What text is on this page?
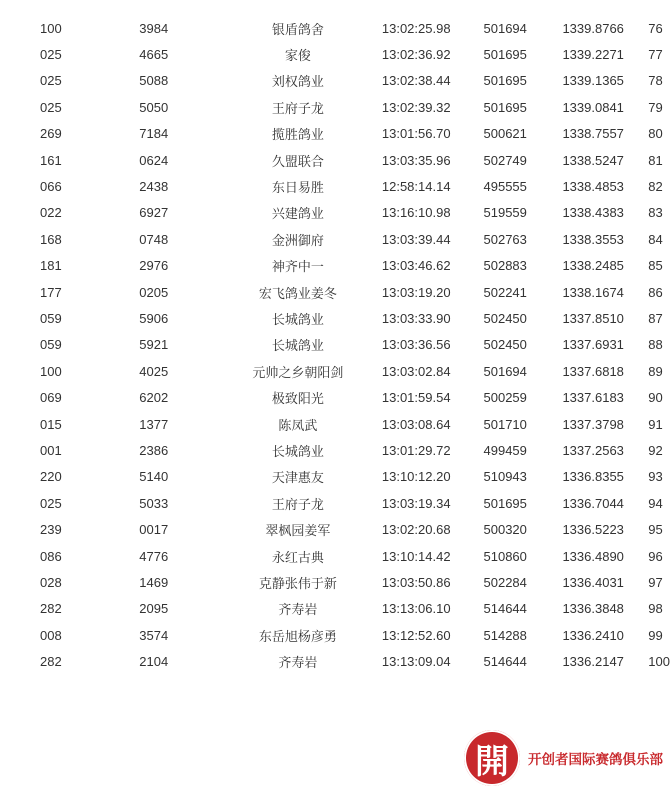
100	3984	银盾鸽舍	13:02:25.98	501694	1339.8766	76
025	4665	家俊	13:02:36.92	501695	1339.2271	77
025	5088	刘权鸽业	13:02:38.44	501695	1339.1365	78
025	5050	王府子龙	13:02:39.32	501695	1339.0841	79
269	7184	揽胜鸽业	13:01:56.70	500621	1338.7557	80
161	0624	久盟联合	13:03:35.96	502749	1338.5247	81
066	2438	东日易胜	12:58:14.14	495555	1338.4853	82
022	6927	兴建鸽业	13:16:10.98	519559	1338.4383	83
168	0748	金洲御府	13:03:39.44	502763	1338.3553	84
181	2976	神齐中一	13:03:46.62	502883	1338.2485	85
177	0205	宏飞鸽业姜冬	13:03:19.20	502241	1338.1674	86
059	5906	长城鸽业	13:03:33.90	502450	1337.8510	87
059	5921	长城鸽业	13:03:36.56	502450	1337.6931	88
100	4025	元帅之乡朝阳剑	13:03:02.84	501694	1337.6818	89
069	6202	极致阳光	13:01:59.54	500259	1337.6183	90
015	1377	陈凤武	13:03:08.64	501710	1337.3798	91
001	2386	长城鸽业	13:01:29.72	499459	1337.2563	92
220	5140	天津惠友	13:10:12.20	510943	1336.8355	93
025	5033	王府子龙	13:03:19.34	501695	1336.7044	94
239	0017	翠枫园姜军	13:02:20.68	500320	1336.5223	95
086	4776	永红古典	13:10:14.42	510860	1336.4890	96
028	1469	克静张伟于新	13:03:50.86	502284	1336.4031	97
282	2095	齐寿岩	13:13:06.10	514644	1336.3848	98
008	3574	东岳旭杨彦勇	13:12:52.60	514288	1336.2410	99
282	2104	齐寿岩	13:13:09.04	514644	1336.2147	100
開	开创者国际赛鸽俱乐部
